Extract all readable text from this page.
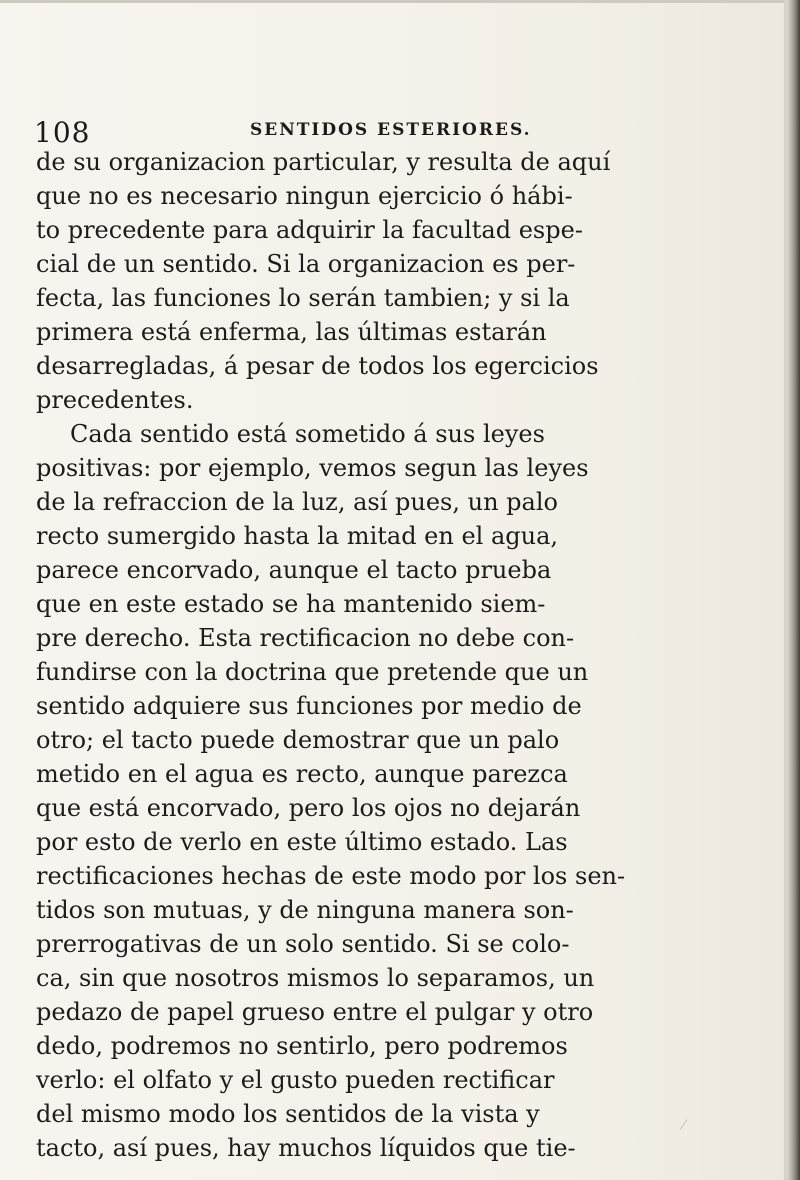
108	SENTIDOS ESTERIORES.
de su organizacion particular, y resulta de aquí
que no es necesario ningun ejercicio ó hábi-
to precedente para adquirir la facultad espe-
cial de un sentido. Si la organizacion es per-
fecta, las funciones lo serán tambien; y si la
primera está enferma, las últimas estarán
desarregladas, á pesar de todos los egercicios
precedentes.
Cada sentido está sometido á sus leyes
positivas: por ejemplo, vemos segun las leyes
de la refraccion de la luz, así pues, un palo
recto sumergido hasta la mitad en el agua,
parece encorvado, aunque el tacto prueba
que en este estado se ha mantenido siem-
pre derecho. Esta rectificacion no debe con-
fundirse con la doctrina que pretende que un
sentido adquiere sus funciones por medio de
otro; el tacto puede demostrar que un palo
metido en el agua es recto, aunque parezca
que está encorvado, pero los ojos no dejarán
por esto de verlo en este último estado. Las
rectificaciones hechas de este modo por los sen-
tidos son mutuas, y de ninguna manera son-
prerrogativas de un solo sentido. Si se colo-
ca, sin que nosotros mismos lo separamos, un
pedazo de papel grueso entre el pulgar y otro
dedo, podremos no sentirlo, pero podremos
verlo: el olfato y el gusto pueden rectificar
del mismo modo los sentidos de la vista y
tacto, así pues, hay muchos líquidos que tie-
